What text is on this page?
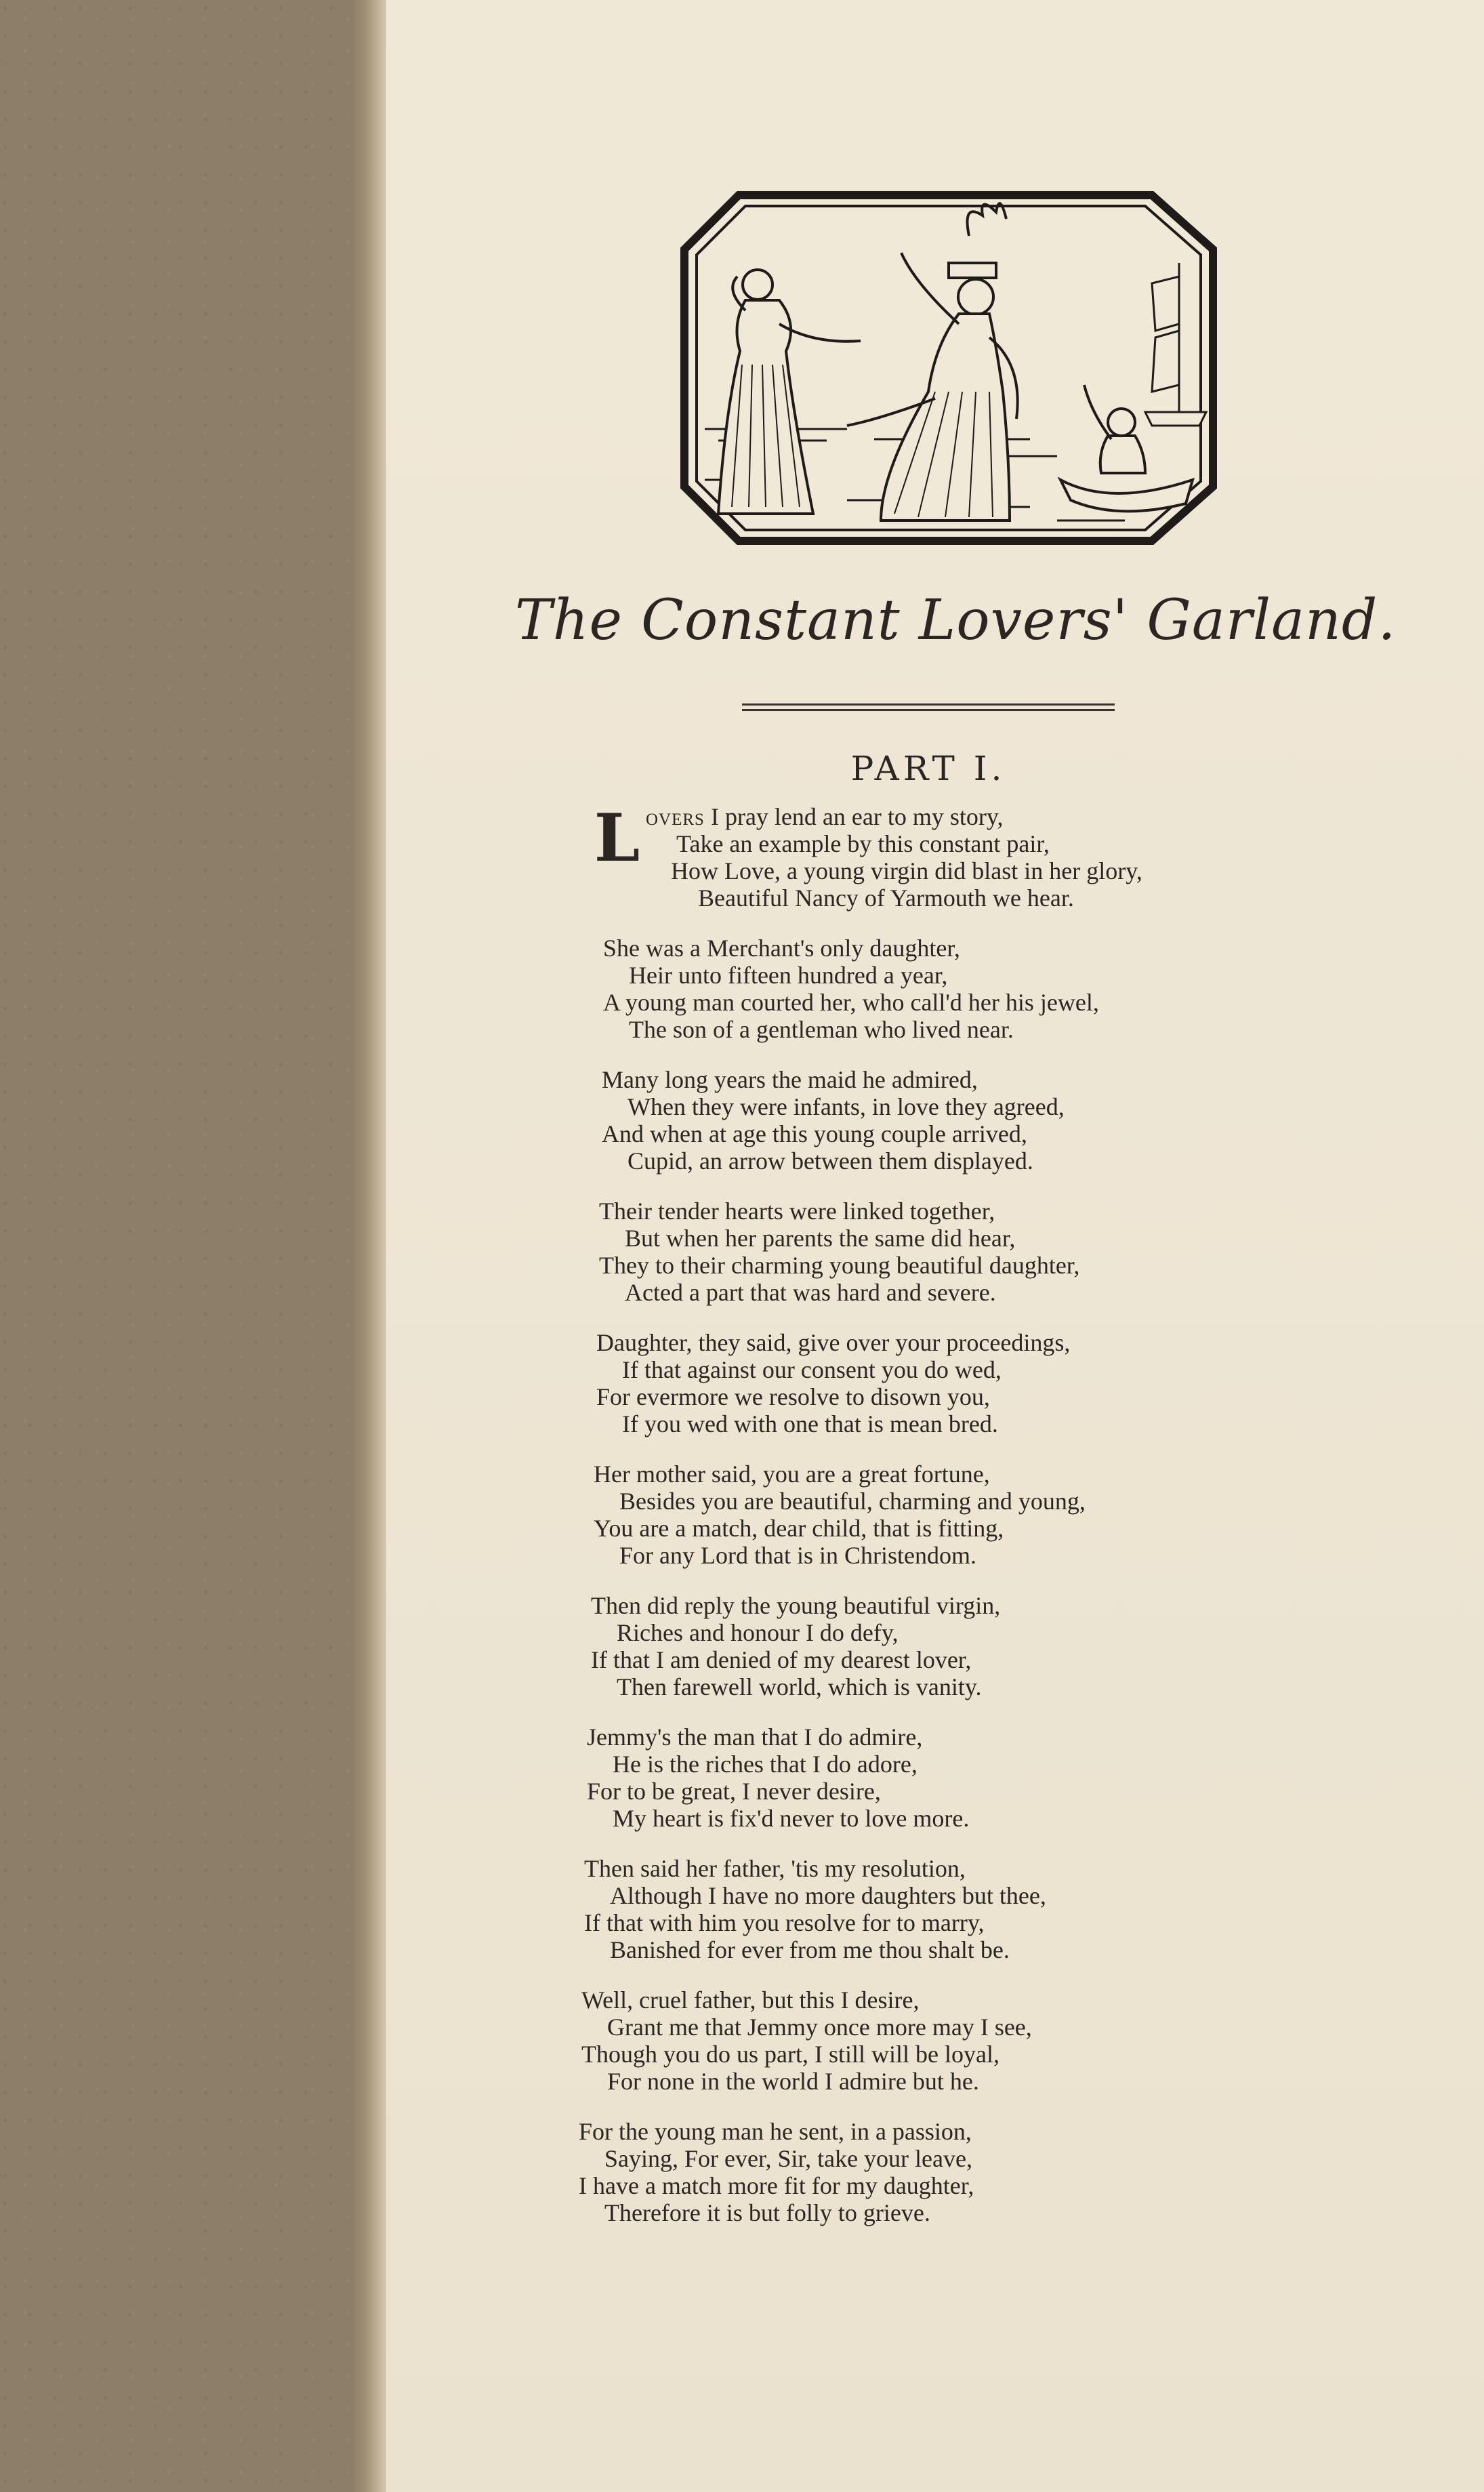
The Constant Lovers' Garland.
PART I.
L overs I pray lend an ear to my story,
Take an example by this constant pair,
How Love, a young virgin did blast in her glory,
Beautiful Nancy of Yarmouth we hear.
She was a Merchant's only daughter,
Heir unto fifteen hundred a year,
A young man courted her, who call'd her his jewel,
The son of a gentleman who lived near.
Many long years the maid he admired,
When they were infants, in love they agreed,
And when at age this young couple arrived,
Cupid, an arrow between them displayed.
Their tender hearts were linked together,
But when her parents the same did hear,
They to their charming young beautiful daughter,
Acted a part that was hard and severe.
Daughter, they said, give over your proceedings,
If that against our consent you do wed,
For evermore we resolve to disown you,
If you wed with one that is mean bred.
Her mother said, you are a great fortune,
Besides you are beautiful, charming and young,
You are a match, dear child, that is fitting,
For any Lord that is in Christendom.
Then did reply the young beautiful virgin,
Riches and honour I do defy,
If that I am denied of my dearest lover,
Then farewell world, which is vanity.
Jemmy's the man that I do admire,
He is the riches that I do adore,
For to be great, I never desire,
My heart is fix'd never to love more.
Then said her father, 'tis my resolution,
Although I have no more daughters but thee,
If that with him you resolve for to marry,
Banished for ever from me thou shalt be.
Well, cruel father, but this I desire,
Grant me that Jemmy once more may I see,
Though you do us part, I still will be loyal,
For none in the world I admire but he.
For the young man he sent, in a passion,
Saying, For ever, Sir, take your leave,
I have a match more fit for my daughter,
Therefore it is but folly to grieve.
